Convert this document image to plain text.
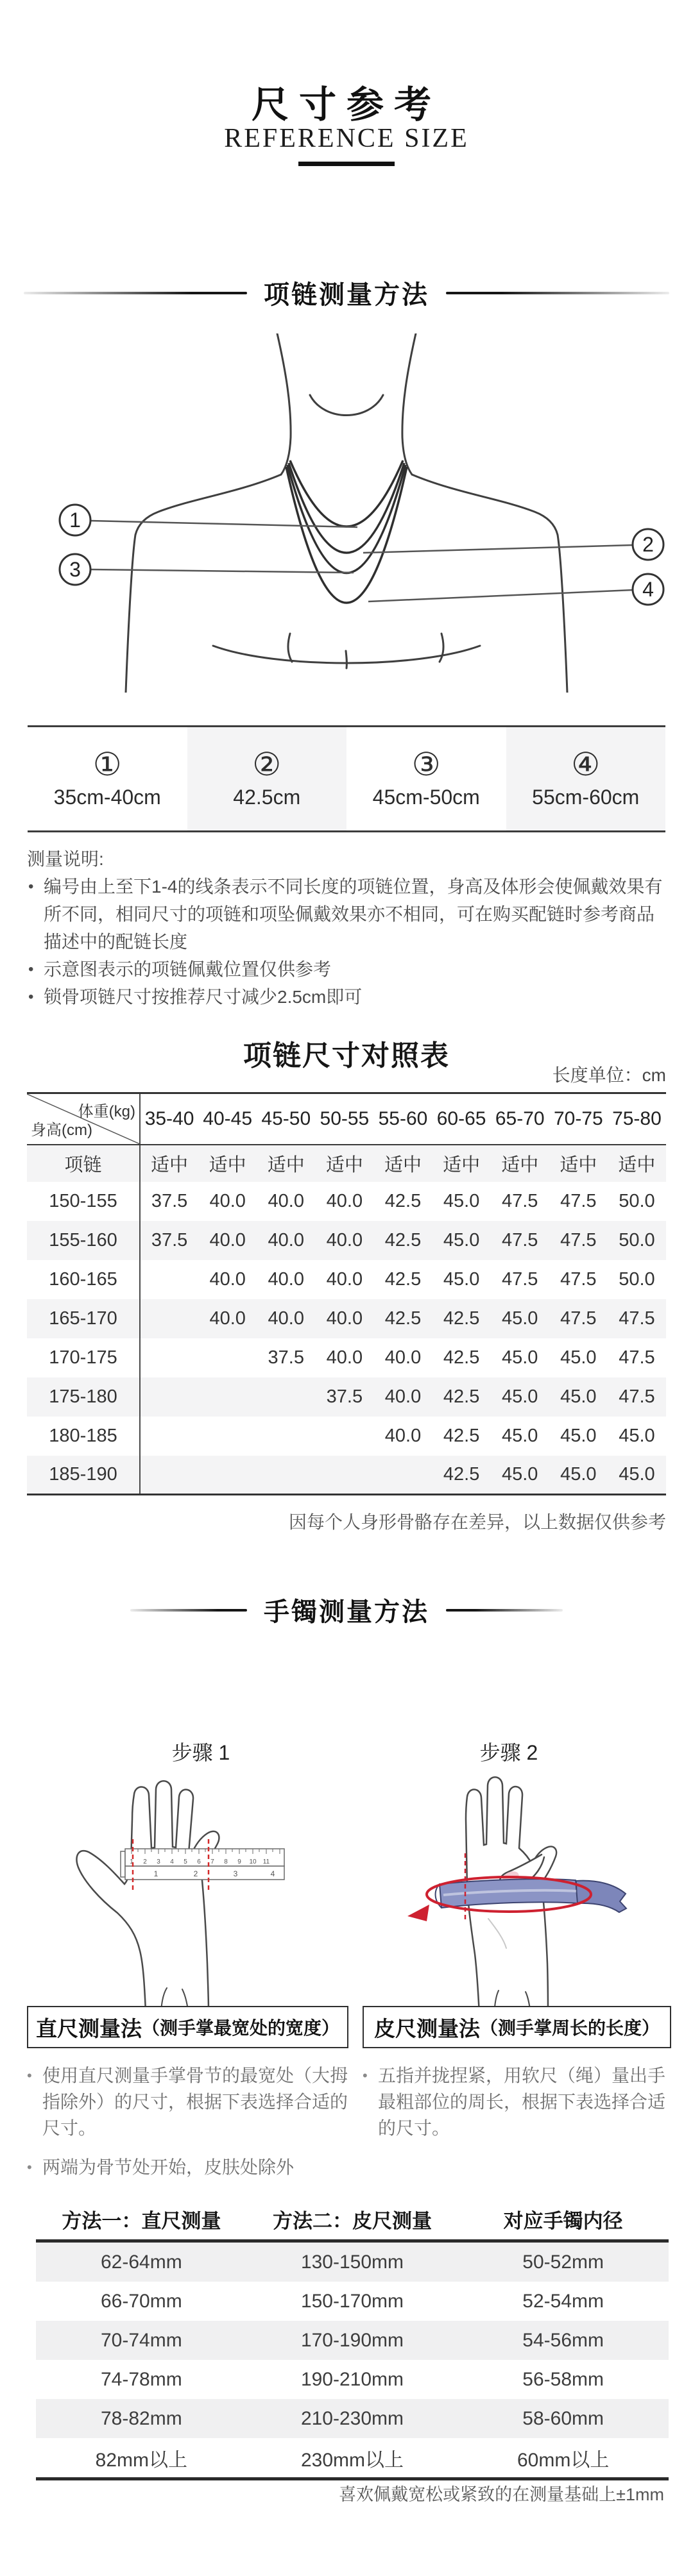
尺寸参考
REFERENCE SIZE
项链测量方法
1
2
3
4
①
35cm-40cm
②
42.5cm
③
45cm-50cm
④
55cm-60cm
测量说明:
• 编号由上至下1-4的线条表示不同长度的项链位置，身高及体形会使佩戴效果有所不同，相同尺寸的项链和项坠佩戴效果亦不相同，可在购买配链时参考商品描述中的配链长度
• 示意图表示的项链佩戴位置仅供参考
• 锁骨项链尺寸按推荐尺寸减少2.5cm即可
项链尺寸对照表
长度单位：cm
体重(kg)
身高(cm)	35-40	40-45	45-50	50-55	55-60	60-65	65-70	70-75	75-80
项链	适中	适中	适中	适中	适中	适中	适中	适中	适中
150-155	37.5	40.0	40.0	40.0	42.5	45.0	47.5	47.5	50.0
155-160	37.5	40.0	40.0	40.0	42.5	45.0	47.5	47.5	50.0
160-165		40.0	40.0	40.0	42.5	45.0	47.5	47.5	50.0
165-170		40.0	40.0	40.0	42.5	42.5	45.0	47.5	47.5
170-175			37.5	40.0	40.0	42.5	45.0	45.0	47.5
175-180				37.5	40.0	42.5	45.0	45.0	47.5
180-185					40.0	42.5	45.0	45.0	45.0
185-190						42.5	45.0	45.0	45.0
因每个人身形骨骼存在差异，以上数据仅供参考
手镯测量方法
步骤 1	步骤 2
1 2 3 4 5 6 7 8 9 10 11
1	2	3	4
直尺测量法 （测手掌最宽处的宽度） 皮尺测量法 （测手掌周长的长度）
• 使用直尺测量手掌骨节的最宽处（大拇指除外）的尺寸，根据下表选择合适的尺寸。
• 两端为骨节处开始，皮肤处除外
• 五指并拢捏紧，用软尺（绳）量出手最粗部位的周长，根据下表选择合适的尺寸。
方法一：直尺测量	方法二：皮尺测量	对应手镯内径
62-64mm	130-150mm	50-52mm
66-70mm	150-170mm	52-54mm
70-74mm	170-190mm	54-56mm
74-78mm	190-210mm	56-58mm
78-82mm	210-230mm	58-60mm
82mm以上	230mm以上	60mm以上
喜欢佩戴宽松或紧致的在测量基础上±1mm
